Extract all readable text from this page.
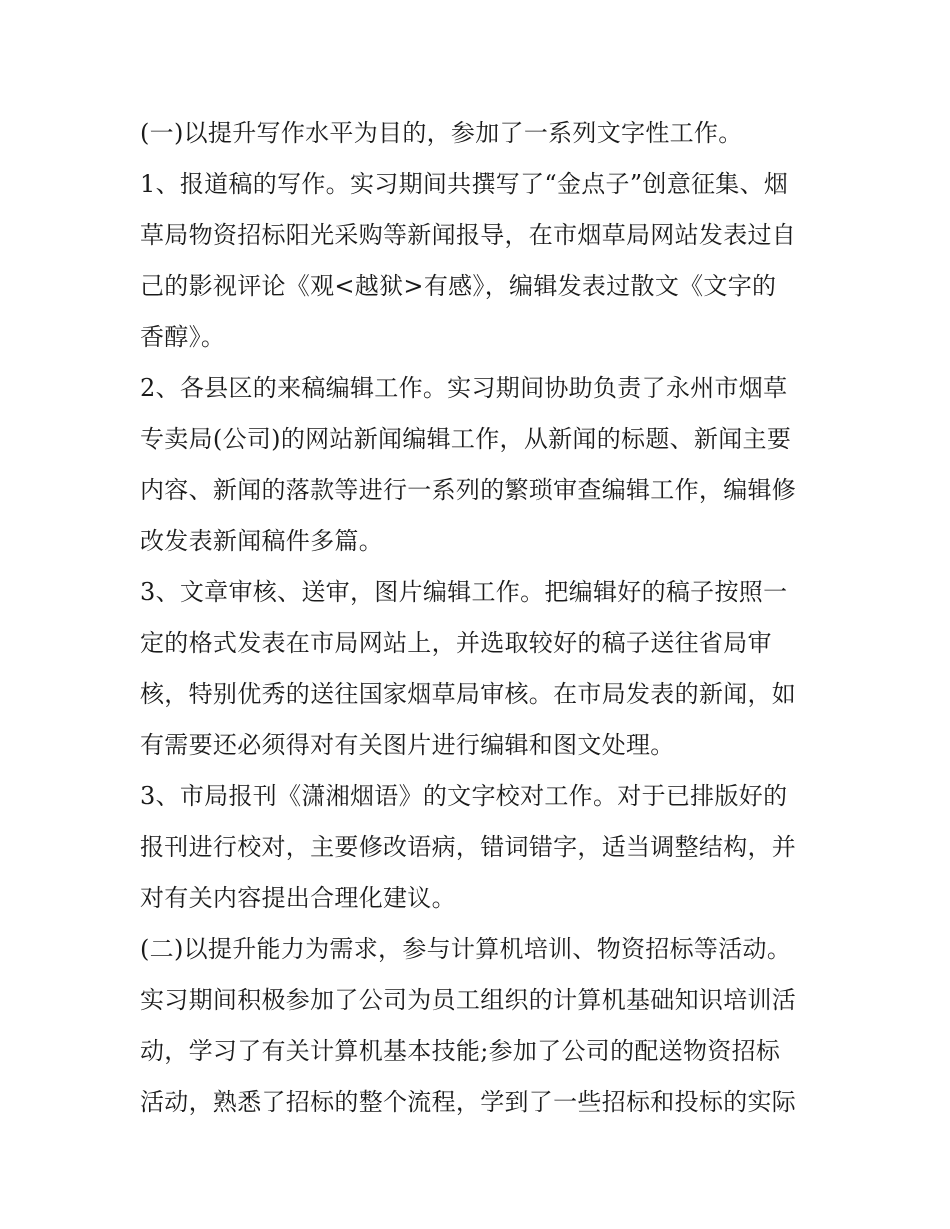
(一)以提升写作水平为目的，参加了一系列文字性工作。
1、报道稿的写作。实习期间共撰写了“金点子”创意征集、烟
草局物资招标阳光采购等新闻报导，在市烟草局网站发表过自
己的影视评论《观<越狱>有感》，编辑发表过散文《文字的
香醇》。
2、各县区的来稿编辑工作。实习期间协助负责了永州市烟草
专卖局(公司)的网站新闻编辑工作，从新闻的标题、新闻主要
内容、新闻的落款等进行一系列的繁琐审查编辑工作，编辑修
改发表新闻稿件多篇。
3、文章审核、送审，图片编辑工作。把编辑好的稿子按照一
定的格式发表在市局网站上，并选取较好的稿子送往省局审
核，特别优秀的送往国家烟草局审核。在市局发表的新闻，如
有需要还必须得对有关图片进行编辑和图文处理。
3、市局报刊《潇湘烟语》的文字校对工作。对于已排版好的
报刊进行校对，主要修改语病，错词错字，适当调整结构，并
对有关内容提出合理化建议。
(二)以提升能力为需求，参与计算机培训、物资招标等活动。
实习期间积极参加了公司为员工组织的计算机基础知识培训活
动，学习了有关计算机基本技能;参加了公司的配送物资招标
活动，熟悉了招标的整个流程，学到了一些招标和投标的实际
